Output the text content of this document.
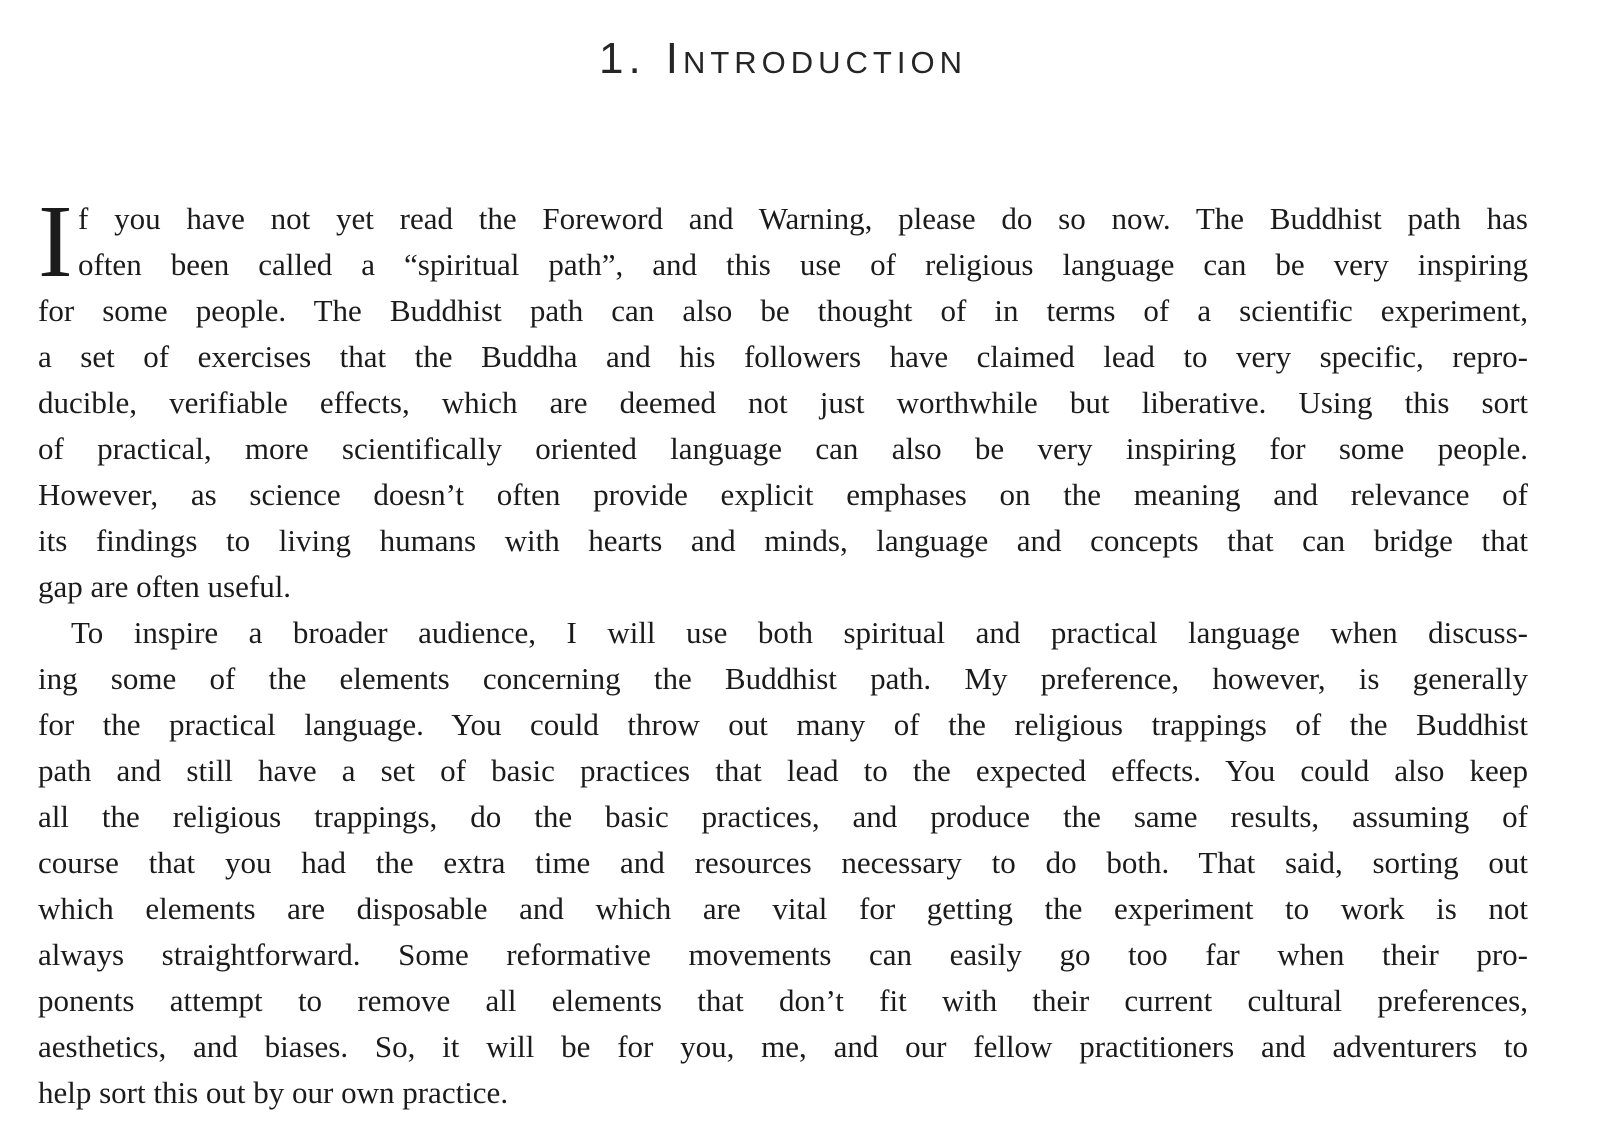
1. Introduction
I f you have not yet read the Foreword and Warning, please do so now. The Buddhist path has
often been called a “spiritual path”, and this use of religious language can be very inspiring
for some people. The Buddhist path can also be thought of in terms of a scientific experiment,
a set of exercises that the Buddha and his followers have claimed lead to very specific, repro-
ducible, verifiable effects, which are deemed not just worthwhile but liberative. Using this sort
of practical, more scientifically oriented language can also be very inspiring for some people.
However, as science doesn’t often provide explicit emphases on the meaning and relevance of
its findings to living humans with hearts and minds, language and concepts that can bridge that
gap are often useful.
To inspire a broader audience, I will use both spiritual and practical language when discuss-
ing some of the elements concerning the Buddhist path. My preference, however, is generally
for the practical language. You could throw out many of the religious trappings of the Buddhist
path and still have a set of basic practices that lead to the expected effects. You could also keep
all the religious trappings, do the basic practices, and produce the same results, assuming of
course that you had the extra time and resources necessary to do both. That said, sorting out
which elements are disposable and which are vital for getting the experiment to work is not
always straightforward. Some reformative movements can easily go too far when their pro-
ponents attempt to remove all elements that don’t fit with their current cultural preferences,
aesthetics, and biases. So, it will be for you, me, and our fellow practitioners and adventurers to
help sort this out by our own practice.
